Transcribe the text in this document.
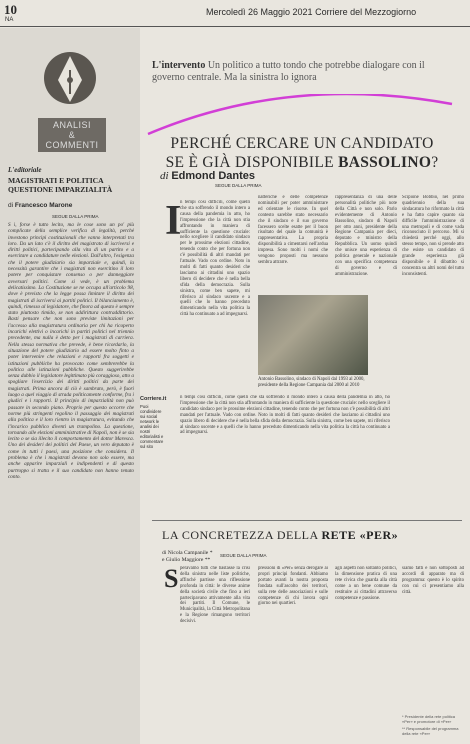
10
NA
Mercoledì 26 Maggio 2021 Corriere del Mezzogiorno
ANALISI
& COMMENTI
L'editoriale
MAGISTRATI E POLITICA QUESTIONE IMPARZIALITÀ
di Francesco Marone
SEGUE DALLA PRIMA
S i, forse è tutto lecito, ma le cose sono un po' più complicate della semplice verifica di legalità, perché investono principi costituzionali che vanno interpretati tra loro. Da un lato c'è il diritto del magistrato di iscriversi e diritti politici, partecipando alla vita di un partito e a esercitare a candidature nelle elezioni. Dall'altro, l'esigenza che il potere giudiziario sia imparziale e, quindi, la necessità garantire che i magistrati non esercitino il loro potere per conquistare consenso o per danneggiare avversari politici. Come si vede, è un problema delicatissimo. La Costituzione se ne occupa all'articolo 98, dove è previsto che la legge possa limitare il diritto dei magistrati di iscriversi ai partiti politici. Il bilanciamento è, quindi, rimesso al legislatore, che finora ad questo è sempre stato piuttosto timido, se non addirittura contraddittorio. Basti pensare che non sono previste limitazioni per l'accesso alla magistratura ordinaria per chi ha ricoperto incarichi elettivi o incarichi in partiti politici nel triennio precedente, ma nulla è detto per i magistrati di carriera. Nella stessa normativa che prevede, è bene ricordarlo, la situazione del potere giudiziario ad essere molto finto a poter intervenire che relazioni e rapporti fra soggetti e istituzioni pubbliche ha provocato come sembrerebbe la politica alle istituzioni pubbliche. Questo suggerirebbe senza dubbio il legislatore legittimato più coraggioso, atto a spogliare l'esercizio dei diritti politici da parte dei magistrati. Prima ancora di ciò è sambrato, però, è fuori luogo a quel viaggio di strada politicamente conforme, fra i giudici e i rapporti. Il principio di imparzialità non può passare in secondo piano. Proprio per questo occorre che norme più stringenti regolino il passaggio dei magistrati alla politica e il loro rientro in magistratura, evitando che l'incarico pubblico diventi un trampolino. La questione, tornando alle elezioni amministrative di Napoli, non è se sia lecito o se sia illecito il comportamento del dottor Maresca. Uno dei desideri dei politici del Paese, un vero deputato è come in tutti i paesi, una posizione che considera. Il problema è che i magistrati devono non solo essere, ma anche apparire imparziali e indipendenti e di questo purtroppo si tratta e il suo candidato non hanno tenuto conto.
L'intervento Un politico a tutto tondo che potrebbe dialogare con il governo centrale. Ma la sinistra lo ignora
PERCHÉ CERCARE UN CANDIDATO
SE È GIÀ DISPONIBILE BASSOLINO?
di Edmond Dantes
SEGUE DALLA PRIMA
I
n tempi così difficili, come quelli che sta soffrendo il mondo intero a causa della pandemia in atto, ho l'impressione che la città non stia affrontando in maniera di sufficiente la questione cruciale: nello scegliere il candidato sindaco per le prossime elezioni cittadine, tenendo conto che per fortuna non c'è possibilità di altri mandati per l'attuale. Vado con ordine. Noto in molti di fatti quanto desideri che lasciamo ai cittadini uno spazio libero di decidere che è nella bella sfida della democrazia. Sulla sinistra, come ben sapete, mi riferisco al sindaco uscente e a quelli che lo hanno preceduto dimenticando nella vita politica la città ha continuato a ad impegnarsi.
natteriche e delle competenze nominabili per poter amministrare ed orientare le risorse. In quel contesto sarebbe stato necessario che il sindaco e il suo governo facessero scelte esatte per il buon risultato del quale la comunità è rappresentativa. La propria disponibilità a cimentarsi nell'ardua impresa. Sono molti i nomi che vengono proposti ma nessuno sembra attrarre.
rappresentanza di una delle personalità politiche più note della Città e non solo. Parlo evidentemente di Antonio Bassolino, sindaco di Napoli per otto anni, presidente della Regione Campania per dieci, deputato e ministro della Repubblica. Un uomo quindi che unisce una esperienza di politica generale e nazionale con una specifica competenza di governo e di amministrazione.
Scipione Bobbio, nel primo quadriennio della sua sindacatura ho riformato la città e ha fatto capire quanto sia difficile l'amministrazione di una metropoli e di come vada riconosciuto il percorso. Mi si chiederà perché oggi, allo stesso tempo, non si prende atto che esiste un candidato di grande esperienza già disponibile e il dibattito si concentra su altri nomi del tutto inconsistenti.
n tempi così difficili, come quelli che sta soffrendo il mondo intero a causa della pandemia in atto, ho l'impressione che la città non stia affrontando in maniera di sufficiente la questione cruciale: nello scegliere il candidato sindaco per le prossime elezioni cittadine, tenendo conto che per fortuna non c'è possibilità di altri mandati per l'attuale. Vado con ordine. Noto in molti di fatti quanto desideri che lasciamo ai cittadini uno spazio libero di decidere che è nella bella sfida della democrazia. Sulla sinistra, come ben sapete, mi riferisco al sindaco uscente e a quelli che lo hanno preceduto dimenticando nella vita politica la città ha continuato a ad impegnarsi.
Antonio Bassolino, sindaco di Napoli dal 1993 al 2000, presidente della Regione Campania dal 2000 al 2010
Corriere.it
Puoi condividere sui social network le analisi dei nostri editorialisti e commentare sul sito
LA CONCRETEZZA DELLA RETE «PER»
di Nicola Campanile *
e Giulio Maggiore **
SEGUE DALLA PRIMA
S peravamo tutti che bastasse la crisi della sinistra nelle liste politiche, affinché partisse una riflessione profonda in città: le diverse anime della società civile che fino a ieri partecipavano attivamente alla vita dei partiti. Il Comune, le Municipalità, la Città Metropolitana e la Regione rimangono territori decisivi.
pressioni di «Per» senza derogare ai propri principi fondanti. Abbiamo portato avanti la nostra proposta fondata sull'ascolto dei territori, sulla rete delle associazioni e sulle competenze di chi lavora ogni giorno nei quartieri.
agli aspetti non soltanto politici, la dimensione pratica di una rete civica che guarda alla città come a un bene comune da restituire ai cittadini attraverso competenze e passione.
siamo fatti e non sottoposti ad accordi di apparato ma di programma: questo è lo spirito con cui ci presentiamo alla città.
* Presidente della rete politica «Per» e promotore di «Per»
** Responsabile del programma della rete «Per»
